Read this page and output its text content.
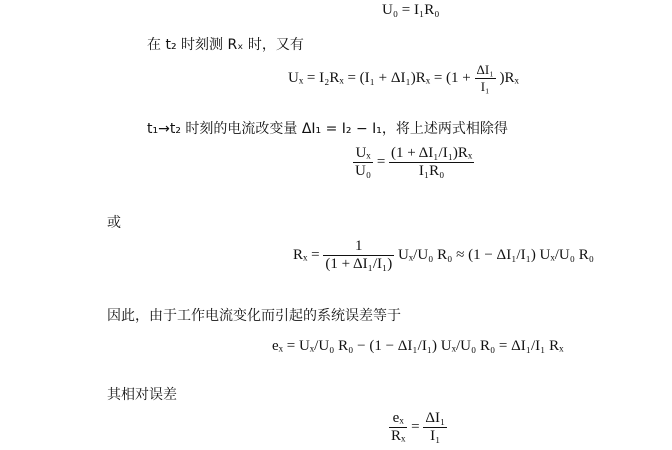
U₀ = I₁R₀
在 t₂ 时刻测 Rₓ 时，又有
$U_x = I_2R_x = (I_1 + \Delta I_1)R_x = (1 + \frac{\text{ΔI₁}}{\text{I₁}} )R_x$
t₁→t₂ 时刻的电流改变量 ΔI₁ = I₂ − I₁，将上述两式相除得
$\frac{\text{Uₓ}}{\text{U₀}} = \frac{\text{(1 + ΔI₁/I₁)Rₓ}}{\text{I₁R₀}}$
或
$R_x = \frac{1}{\text{(1 + ΔI₁/I₁)}} U_x/U_0$ R₀ ≈ (1 − ΔI₁/I₁) Uₓ/U₀ R₀
因此，由于工作电流变化而引起的系统误差等于
eₓ = Uₓ/U₀ R₀ − (1 − ΔI₁/I₁) Uₓ/U₀ R₀ = ΔI₁/I₁ Rₓ
其相对误差
$\frac{\text{eₓ}}{\text{Rₓ}} = \frac{\text{ΔI₁}}{\text{I₁}}$
